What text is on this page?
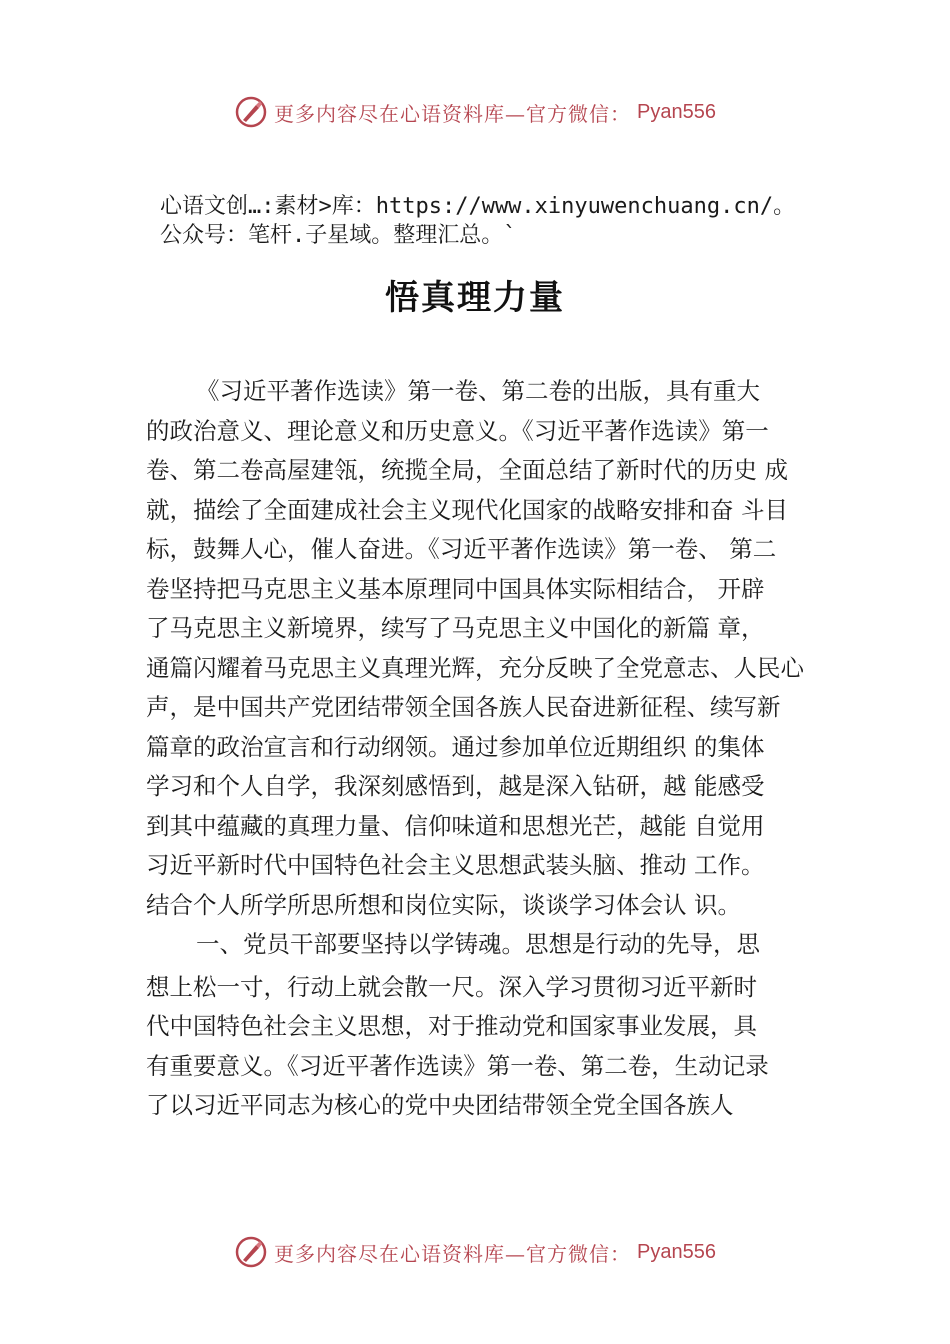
更多内容尽在心语资料库—官方微信： Pyan556
心语文创…:素材>库：https://www.xinyuwenchuang.cn/。
公众号：笔杆.子星域。整理汇总。`
悟真理力量
《习近平著作选读》第一卷、第二卷的出版，具有重大
的政治意义、理论意义和历史意义。《习近平著作选读》第一
卷、第二卷高屋建瓴，统揽全局，全面总结了新时代的历史 成
就，描绘了全面建成社会主义现代化国家的战略安排和奋 斗目
标，鼓舞人心，催人奋进。《习近平著作选读》第一卷、 第二
卷坚持把马克思主义基本原理同中国具体实际相结合， 开辟
了马克思主义新境界，续写了马克思主义中国化的新篇 章，
通篇闪耀着马克思主义真理光辉，充分反映了全党意志、人民心
声，是中国共产党团结带领全国各族人民奋进新征程、续写新
篇章的政治宣言和行动纲领。通过参加单位近期组织 的集体
学习和个人自学，我深刻感悟到，越是深入钻研，越 能感受
到其中蕴藏的真理力量、信仰味道和思想光芒，越能 自觉用
习近平新时代中国特色社会主义思想武装头脑、推动 工作。
结合个人所学所思所想和岗位实际，谈谈学习体会认 识。
一、党员干部要坚持以学铸魂。思想是行动的先导，思
想上松一寸，行动上就会散一尺。深入学习贯彻习近平新时
代中国特色社会主义思想，对于推动党和国家事业发展，具
有重要意义。《习近平著作选读》第一卷、第二卷，生动记录
了以习近平同志为核心的党中央团结带领全党全国各族人
更多内容尽在心语资料库—官方微信： Pyan556
